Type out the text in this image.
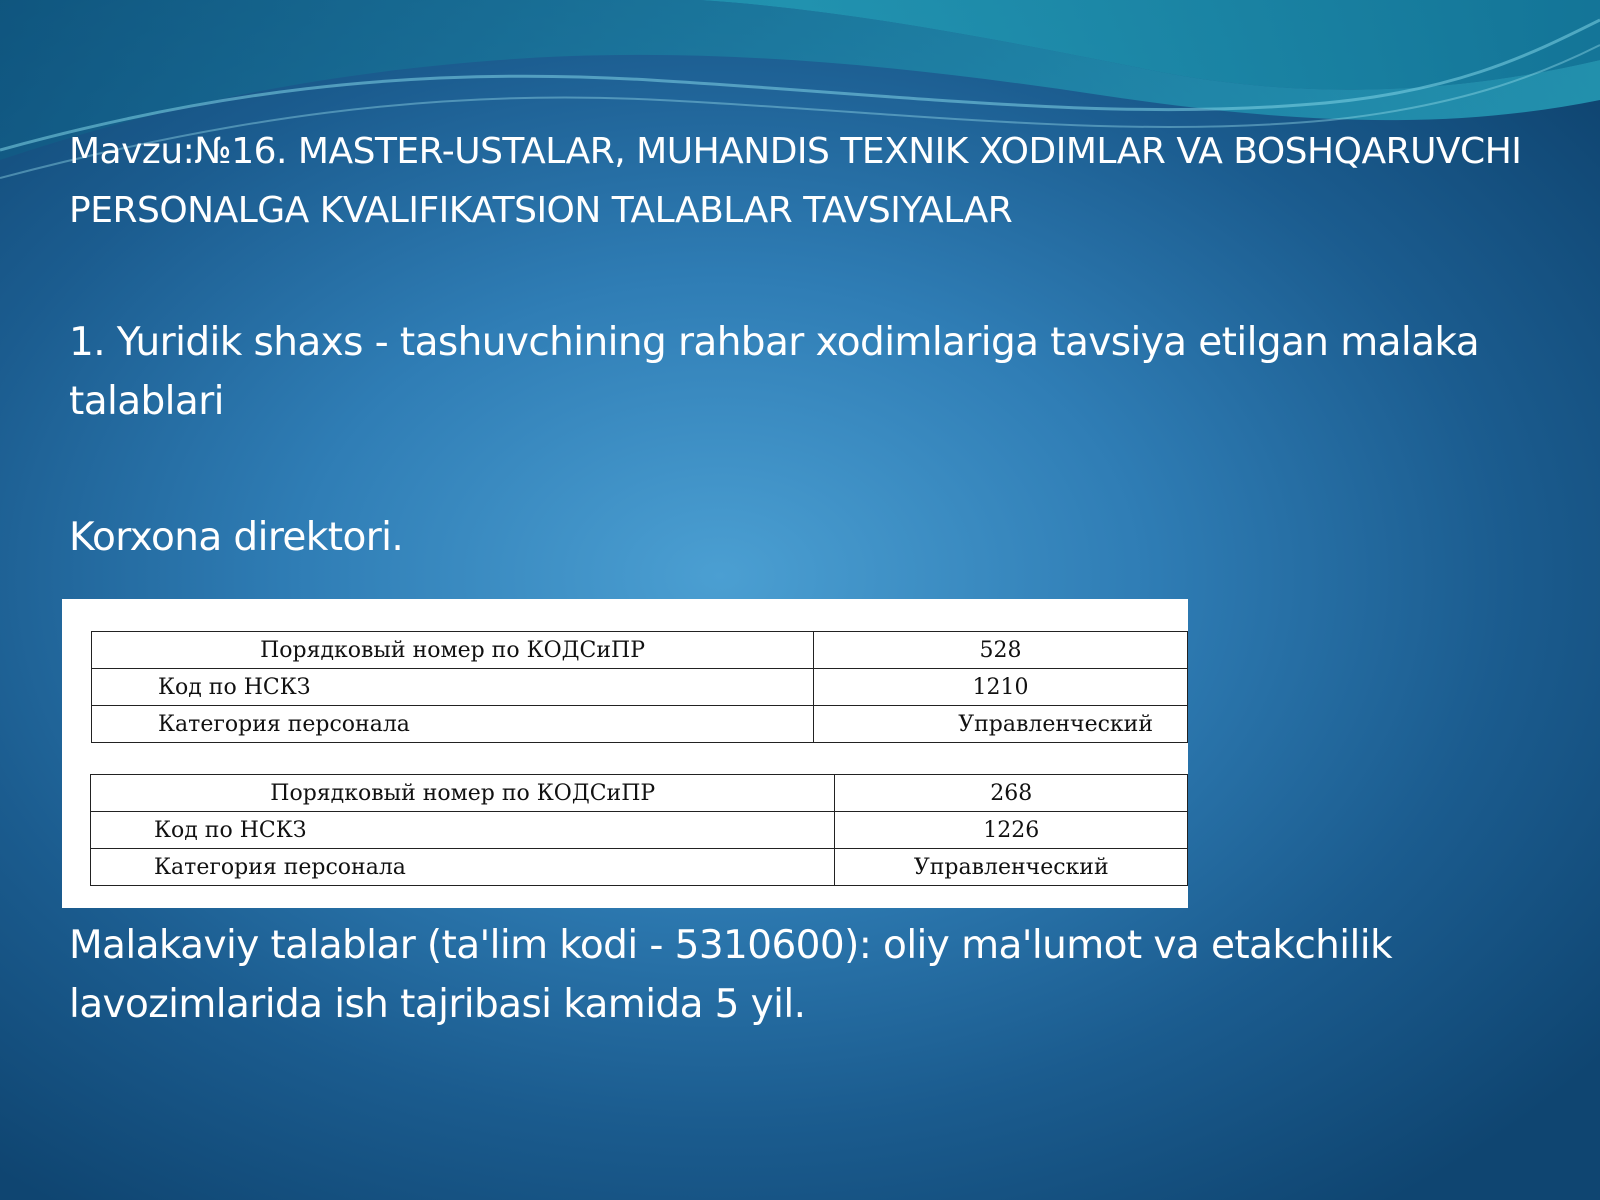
Mavzu:№16. MASTER-USTALAR, MUHANDIS TEXNIK XODIMLAR VA BOSHQARUVCHI PERSONALGA KVALIFIKATSION TALABLAR TAVSIYALAR

1. Yuridik shaxs - tashuvchining rahbar xodimlariga tavsiya etilgan malaka talablari

Korxona direktori.

Порядковый номер по КОДСиПР	528
Код по НСКЗ	1210
Категория персонала	Управленческий
Порядковый номер по КОДСиПР	268
Код по НСКЗ	1226
Категория персонала	Управленческий

Malakaviy talablar (ta'lim kodi - 5310600): oliy ma'lumot va etakchilik lavozimlarida ish tajribasi kamida 5 yil.
